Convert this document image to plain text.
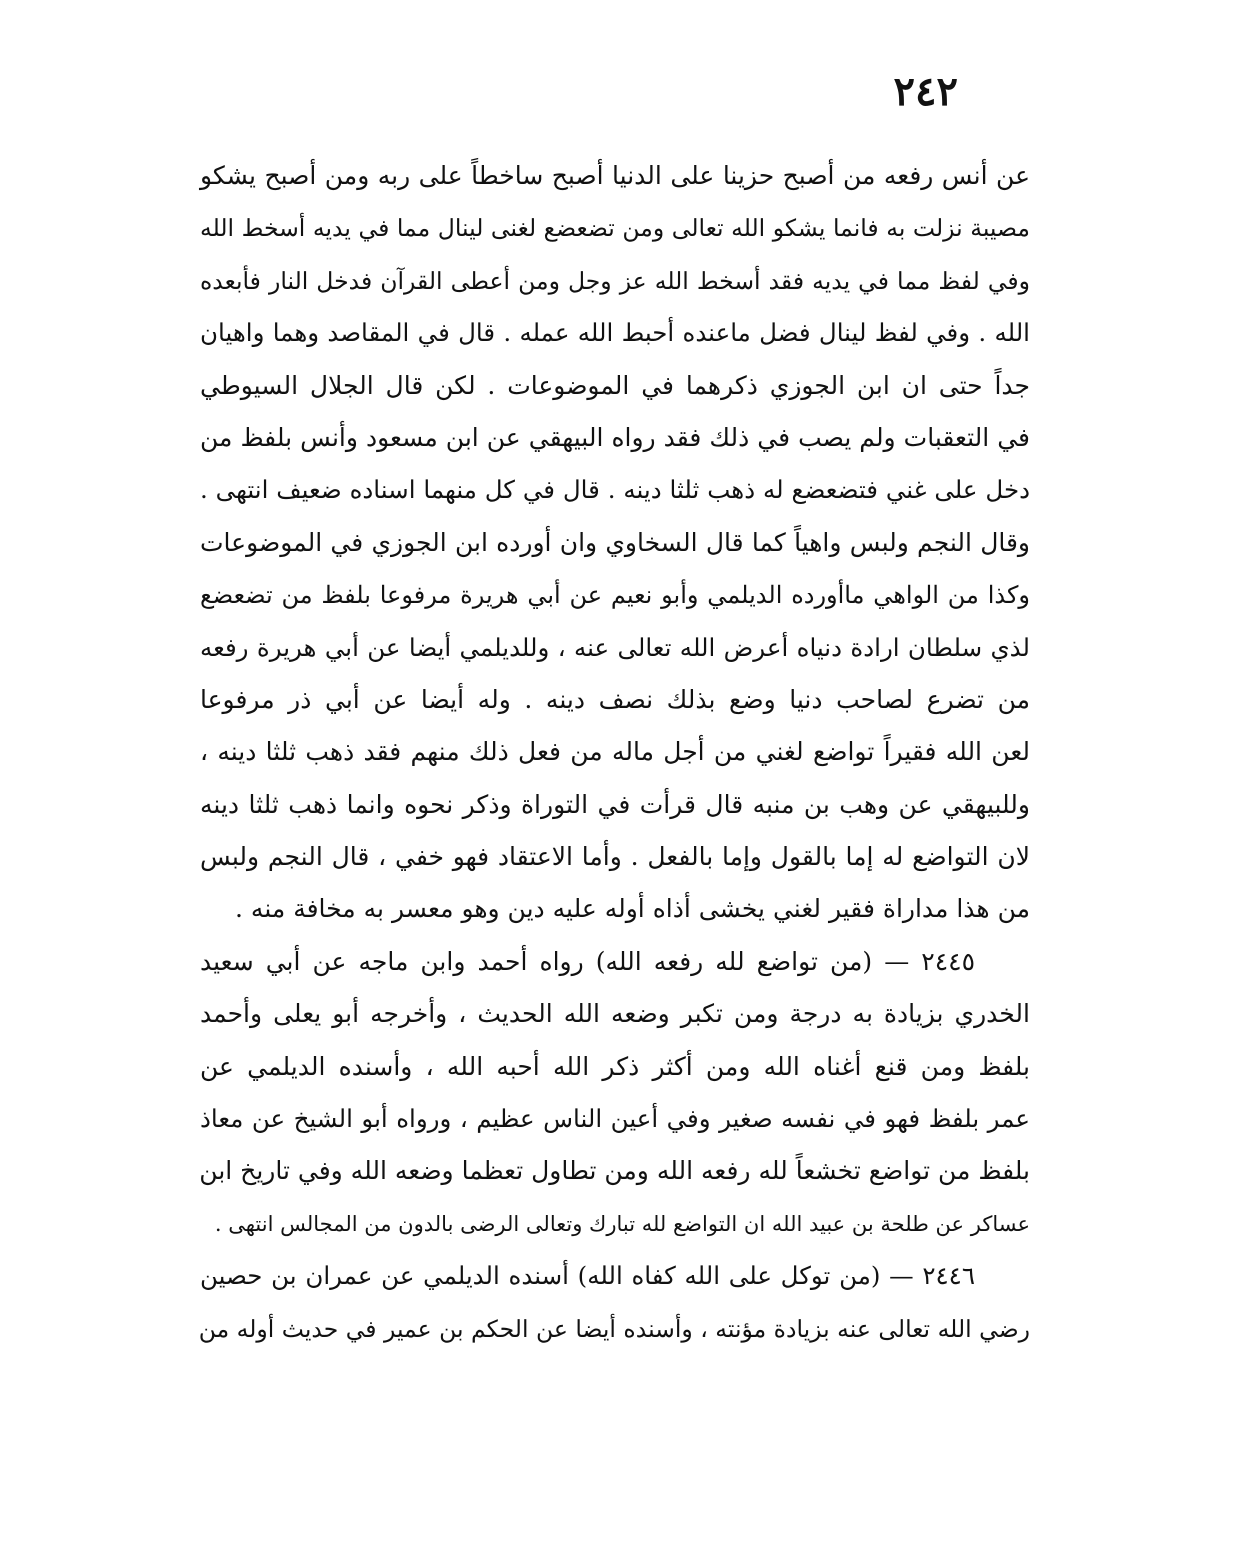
٢٤٢
عن أنس رفعه من أصبح حزينا على الدنيا أصبح ساخطاً على ربه ومن أصبح يشكو
مصيبة نزلت به فانما يشكو الله تعالى ومن تضعضع لغنى لينال مما في يديه أسخط الله
وفي لفظ مما في يديه فقد أسخط الله عز وجل ومن أعطى القرآن فدخل النار فأبعده
الله . وفي لفظ لينال فضل ماعنده أحبط الله عمله . قال في المقاصد وهما واهيان
جداً حتى ان ابن الجوزي ذكرهما في الموضوعات . لكن قال الجلال السيوطي
في التعقبات ولم يصب في ذلك فقد رواه البيهقي عن ابن مسعود وأنس بلفظ من
دخل على غني فتضعضع له ذهب ثلثا دينه . قال في كل منهما اسناده ضعيف انتهى .
وقال النجم ولبس واهياً كما قال السخاوي وان أورده ابن الجوزي في الموضوعات
وكذا من الواهي ماأورده الديلمي وأبو نعيم عن أبي هريرة مرفوعا بلفظ من تضعضع
لذي سلطان ارادة دنياه أعرض الله تعالى عنه ، وللديلمي أيضا عن أبي هريرة رفعه
من تضرع لصاحب دنيا وضع بذلك نصف دينه . وله أيضا عن أبي ذر مرفوعا
لعن الله فقيراً تواضع لغني من أجل ماله من فعل ذلك منهم فقد ذهب ثلثا دينه ،
وللبيهقي عن وهب بن منبه قال قرأت في التوراة وذكر نحوه وانما ذهب ثلثا دينه
لان التواضع له إما بالقول وإما بالفعل . وأما الاعتقاد فهو خفي ، قال النجم ولبس
من هذا مداراة فقير لغني يخشى أذاه أوله عليه دين وهو معسر به مخافة منه .
٢٤٤٥ — (من تواضع لله رفعه الله) رواه أحمد وابن ماجه عن أبي سعيد
الخدري بزيادة به درجة ومن تكبر وضعه الله الحديث ، وأخرجه أبو يعلى وأحمد
بلفظ ومن قنع أغناه الله ومن أكثر ذكر الله أحبه الله ، وأسنده الديلمي عن
عمر بلفظ فهو في نفسه صغير وفي أعين الناس عظيم ، ورواه أبو الشيخ عن معاذ
بلفظ من تواضع تخشعاً لله رفعه الله ومن تطاول تعظما وضعه الله وفي تاريخ ابن
عساكر عن طلحة بن عبيد الله ان التواضع لله تبارك وتعالى الرضى بالدون من المجالس انتهى .
٢٤٤٦ — (من توكل على الله كفاه الله) أسنده الديلمي عن عمران بن حصين
رضي الله تعالى عنه بزيادة مؤنته ، وأسنده أيضا عن الحكم بن عمير في حديث أوله من
